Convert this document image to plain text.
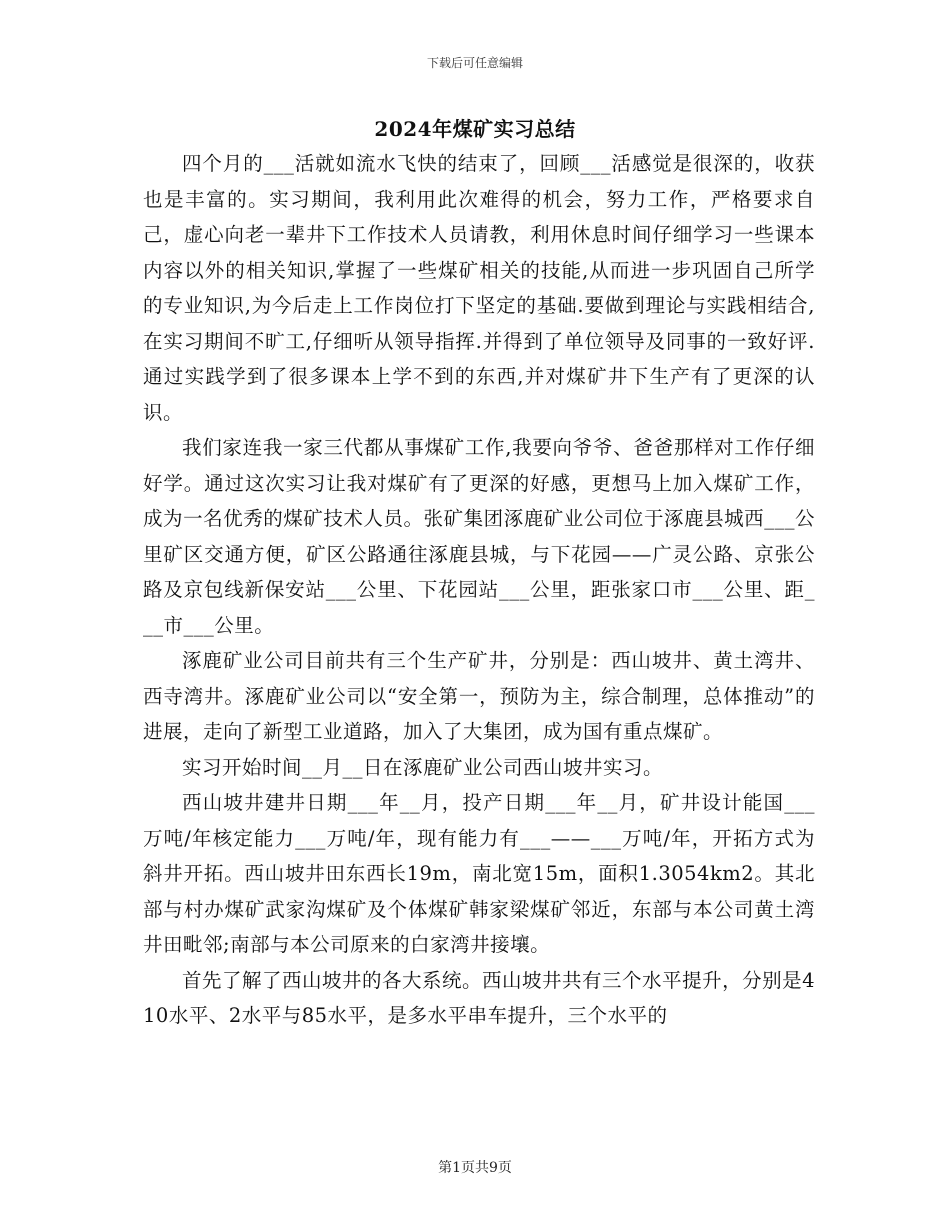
下载后可任意编辑
2024年煤矿实习总结

四个月的___活就如流水飞快的结束了，回顾___活感觉是很深的，收获也是丰富的。实习期间，我利用此次难得的机会，努力工作，严格要求自己，虚心向老一辈井下工作技术人员请教，利用休息时间仔细学习一些课本内容以外的相关知识,掌握了一些煤矿相关的技能,从而进一步巩固自己所学的专业知识,为今后走上工作岗位打下坚定的基础.要做到理论与实践相结合,在实习期间不旷工,仔细听从领导指挥.并得到了单位领导及同事的一致好评.通过实践学到了很多课本上学不到的东西,并对煤矿井下生产有了更深的认识。

我们家连我一家三代都从事煤矿工作,我要向爷爷、爸爸那样对工作仔细好学。通过这次实习让我对煤矿有了更深的好感，更想马上加入煤矿工作，成为一名优秀的煤矿技术人员。张矿集团涿鹿矿业公司位于涿鹿县城西___公里矿区交通方便，矿区公路通往涿鹿县城，与下花园——广灵公路、京张公路及京包线新保安站___公里、下花园站___公里，距张家口市___公里、距___市___公里。

涿鹿矿业公司目前共有三个生产矿井，分别是：西山坡井、黄土湾井、西寺湾井。涿鹿矿业公司以“安全第一，预防为主，综合制理，总体推动”的进展，走向了新型工业道路，加入了大集团，成为国有重点煤矿。

实习开始时间__月__日在涿鹿矿业公司西山坡井实习。

西山坡井建井日期___年__月，投产日期___年__月，矿井设计能国___万吨/年核定能力___万吨/年，现有能力有___——___万吨/年，开拓方式为斜井开拓。西山坡井田东西长19m，南北宽15m，面积1.3054km2。其北部与村办煤矿武家沟煤矿及个体煤矿韩家梁煤矿邻近，东部与本公司黄土湾井田毗邻;南部与本公司原来的白家湾井接壤。

首先了解了西山坡井的各大系统。西山坡井共有三个水平提升，分别是410水平、2水平与85水平，是多水平串车提升，三个水平的

第1页共9页
